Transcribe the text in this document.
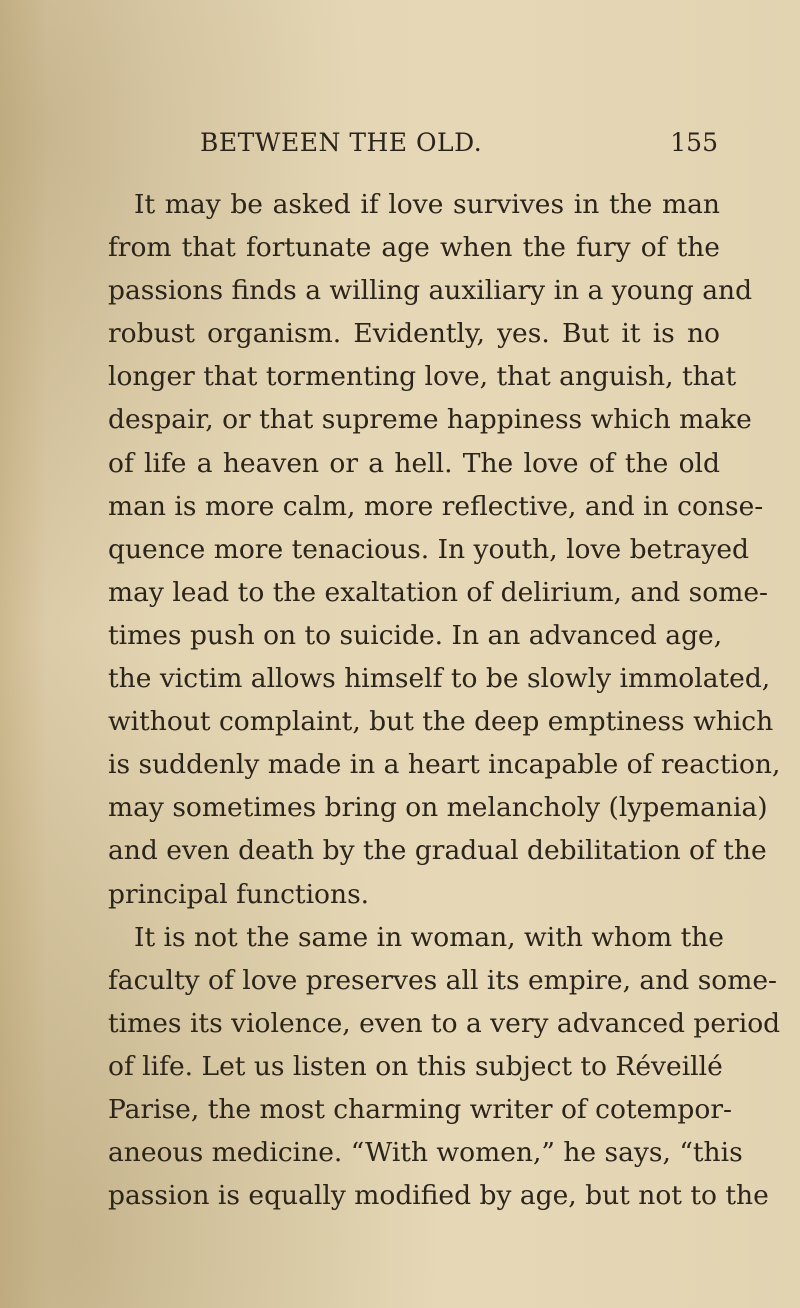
BETWEEN THE OLD.	155
It may be asked if love survives in the man
from that fortunate age when the fury of the
passions finds a willing auxiliary in a young and
robust organism. Evidently, yes. But it is no
longer that tormenting love, that anguish, that
despair, or that supreme happiness which make
of life a heaven or a hell. The love of the old
man is more calm, more reflective, and in conse-
quence more tenacious. In youth, love betrayed
may lead to the exaltation of delirium, and some-
times push on to suicide. In an advanced age,
the victim allows himself to be slowly immolated,
without complaint, but the deep emptiness which
is suddenly made in a heart incapable of reaction,
may sometimes bring on melancholy (lypemania)
and even death by the gradual debilitation of the
principal functions.
It is not the same in woman, with whom the
faculty of love preserves all its empire, and some-
times its violence, even to a very advanced period
of life. Let us listen on this subject to Réveillé
Parise, the most charming writer of cotempor-
aneous medicine. “With women,” he says, “this
passion is equally modified by age, but not to the
